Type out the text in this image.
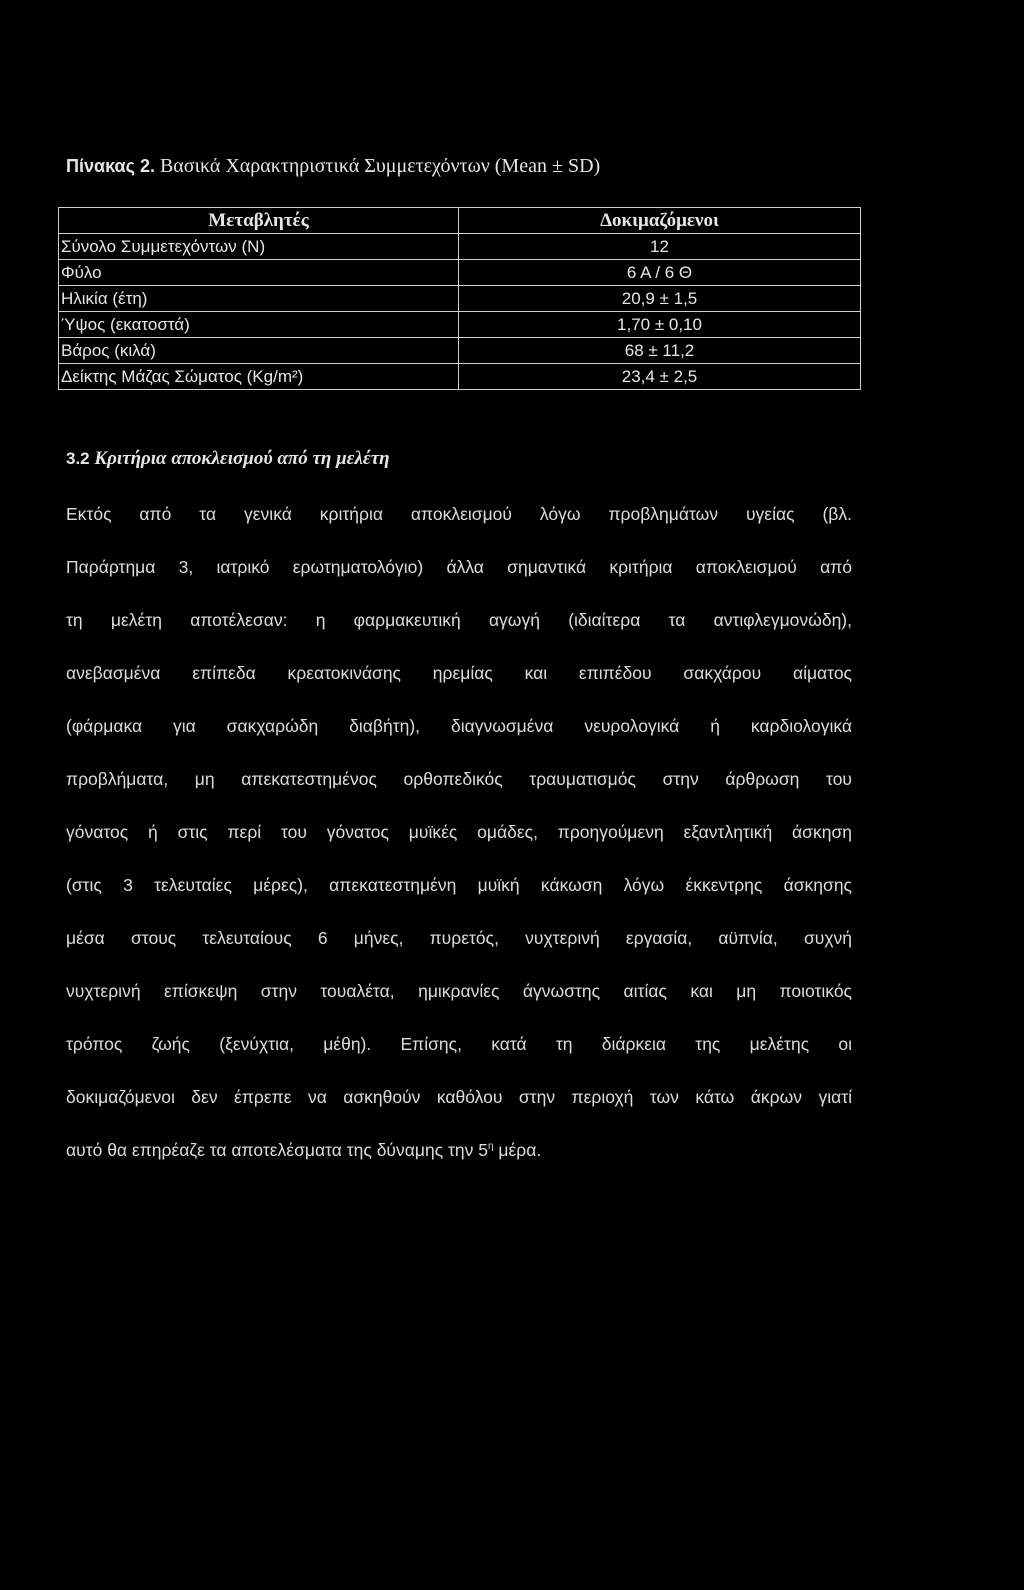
Πίνακας 2. Βασικά Χαρακτηριστικά Συμμετεχόντων (Mean ± SD)
Μεταβλητές	Δοκιμαζόμενοι
Σύνολο Συμμετεχόντων (N)	12
Φύλο	6 Α / 6 Θ
Ηλικία (έτη)	20,9 ± 1,5
Ύψος (εκατοστά)	1,70 ± 0,10
Βάρος (κιλά)	68 ± 11,2
Δείκτης Μάζας Σώματος (Kg/m²)	23,4 ± 2,5
3.2 Κριτήρια αποκλεισμού από τη μελέτη
Εκτός από τα γενικά κριτήρια αποκλεισμού λόγω προβλημάτων υγείας (βλ.
Παράρτημα 3, ιατρικό ερωτηματολόγιο) άλλα σημαντικά κριτήρια αποκλεισμού από
τη μελέτη αποτέλεσαν: η φαρμακευτική αγωγή (ιδιαίτερα τα αντιφλεγμονώδη),
ανεβασμένα επίπεδα κρεατοκινάσης ηρεμίας και επιπέδου σακχάρου αίματος
(φάρμακα για σακχαρώδη διαβήτη), διαγνωσμένα νευρολογικά ή καρδιολογικά
προβλήματα, μη απεκατεστημένος ορθοπεδικός τραυματισμός στην άρθρωση του
γόνατος ή στις περί του γόνατος μυϊκές ομάδες, προηγούμενη εξαντλητική άσκηση
(στις 3 τελευταίες μέρες), απεκατεστημένη μυϊκή κάκωση λόγω έκκεντρης άσκησης
μέσα στους τελευταίους 6 μήνες, πυρετός, νυχτερινή εργασία, αϋπνία, συχνή
νυχτερινή επίσκεψη στην τουαλέτα, ημικρανίες άγνωστης αιτίας και μη ποιοτικός
τρόπος ζωής (ξενύχτια, μέθη). Επίσης, κατά τη διάρκεια της μελέτης οι
δοκιμαζόμενοι δεν έπρεπε να ασκηθούν καθόλου στην περιοχή των κάτω άκρων γιατί
αυτό θα επηρέαζε τα αποτελέσματα της δύναμης την $5^\eta$ μέρα.
